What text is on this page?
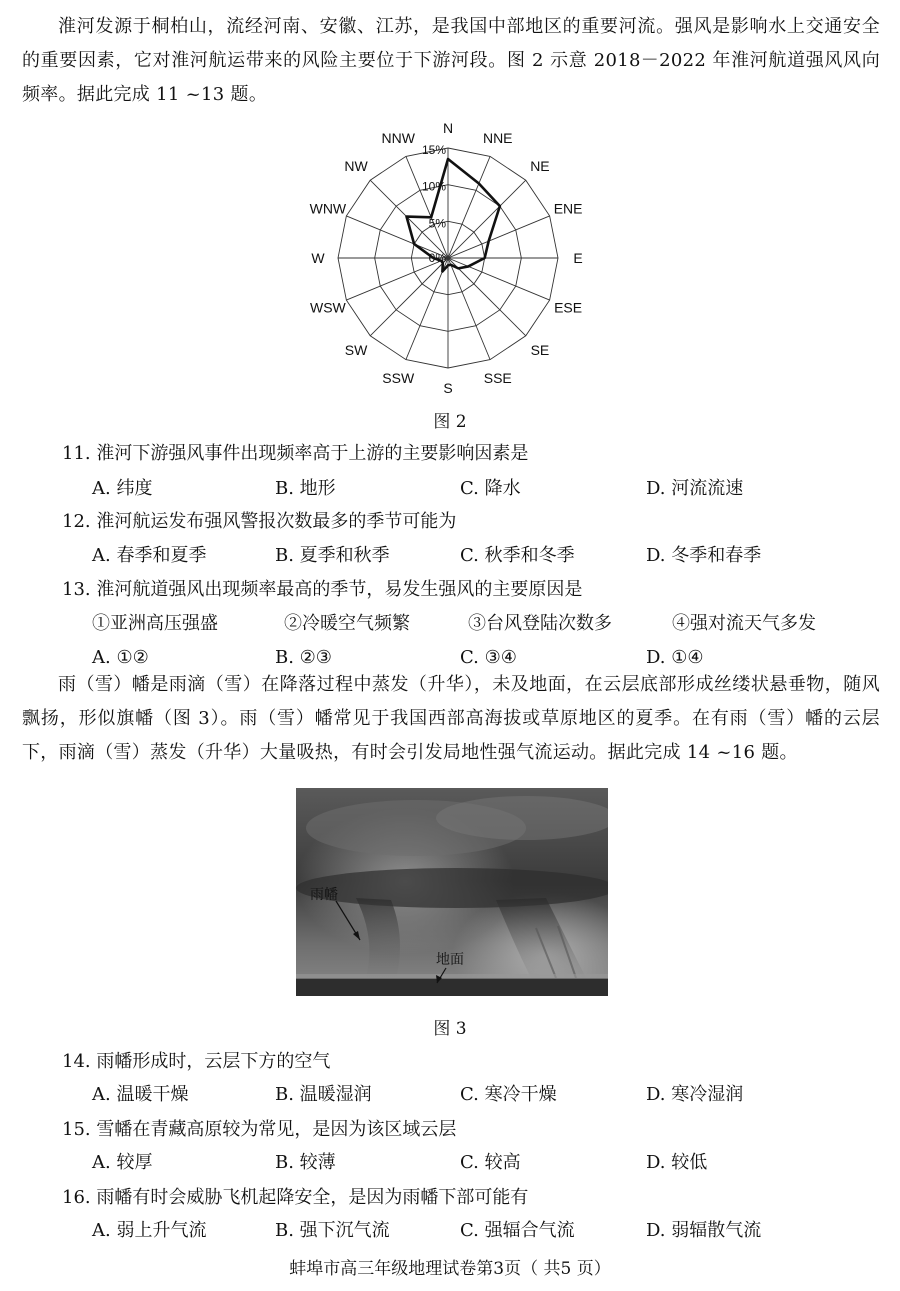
淮河发源于桐柏山，流经河南、安徽、江苏，是我国中部地区的重要河流。强风是影响水上交通安全的重要因素，它对淮河航运带来的风险主要位于下游河段。图 2 示意 2018－2022 年淮河航道强风风向频率。据此完成 11 ~13 题。
0%
5%
10%
15%
N
NNE
NE
ENE
E
ESE
SE
SSE
S
SSW
SW
WSW
W
WNW
NW
NNW
图 2
11. 淮河下游强风事件出现频率高于上游的主要影响因素是
A. 纬度	B. 地形	C. 降水	D. 河流流速
12. 淮河航运发布强风警报次数最多的季节可能为
A. 春季和夏季	B. 夏季和秋季	C. 秋季和冬季	D. 冬季和春季
13. 淮河航道强风出现频率最高的季节，易发生强风的主要原因是
①亚洲高压强盛	②冷暖空气频繁	③台风登陆次数多	④强对流天气多发
A. ①②	B. ②③	C. ③④	D. ①④
雨（雪）幡是雨滴（雪）在降落过程中蒸发（升华），未及地面，在云层底部形成丝缕状悬垂物，随风飘扬，形似旗幡（图 3）。雨（雪）幡常见于我国西部高海拔或草原地区的夏季。在有雨（雪）幡的云层下，雨滴（雪）蒸发（升华）大量吸热，有时会引发局地性强气流运动。据此完成 14 ~16 题。
雨幡
地面
图 3
14. 雨幡形成时，云层下方的空气
A. 温暖干燥	B. 温暖湿润	C. 寒冷干燥	D. 寒冷湿润
15. 雪幡在青藏高原较为常见，是因为该区域云层
A. 较厚	B. 较薄	C. 较高	D. 较低
16. 雨幡有时会威胁飞机起降安全，是因为雨幡下部可能有
A. 弱上升气流	B. 强下沉气流	C. 强辐合气流	D. 弱辐散气流
蚌埠市高三年级地理试卷第3页（ 共5 页）
